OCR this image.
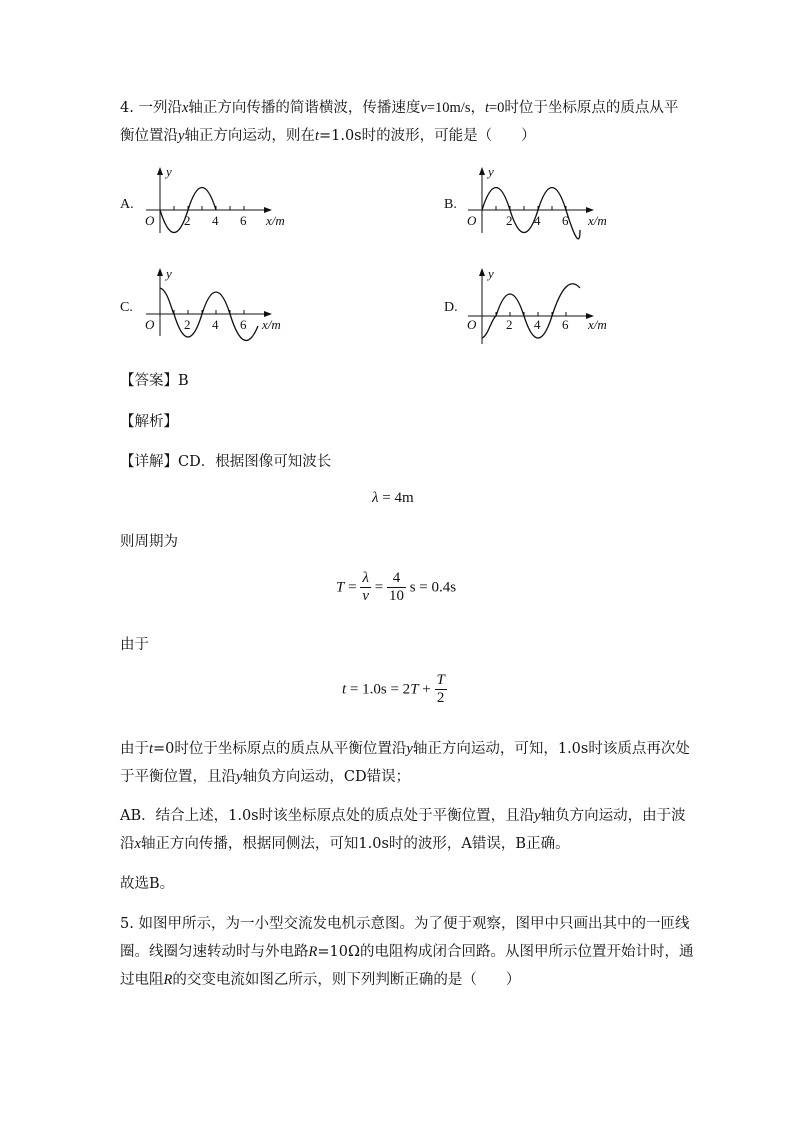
4. 一列沿x轴正方向传播的简谐横波，传播速度v=10m/s，t=0时位于坐标原点的质点从平
衡位置沿y轴正方向运动，则在t=1.0s时的波形，可能是（　　）
A.
y
O 2 4 6 x/m
B.
y
O 2 4 6 x/m
C.
y
O 2 4 6 x/m
D.
y
O 2 4 6 x/m
【答案】B
【解析】
【详解】CD．根据图像可知波长
λ = 4m
则周期为
$T = \frac{\lambda}{v} = \frac{4}{10}$ s = 0.4s
由于
$t = 1.0s = 2T + \frac{T}{2}$
由于t=0时位于坐标原点的质点从平衡位置沿y轴正方向运动，可知，1.0s时该质点再次处
于平衡位置，且沿y轴负方向运动，CD错误；
AB．结合上述，1.0s时该坐标原点处的质点处于平衡位置，且沿y轴负方向运动，由于波
沿x轴正方向传播，根据同侧法，可知1.0s时的波形，A错误，B正确。
故选B。
5. 如图甲所示，为一小型交流发电机示意图。为了便于观察，图甲中只画出其中的一匝线
圈。线圈匀速转动时与外电路R=10Ω的电阻构成闭合回路。从图甲所示位置开始计时，通
过电阻R的交变电流如图乙所示，则下列判断正确的是（　　）
